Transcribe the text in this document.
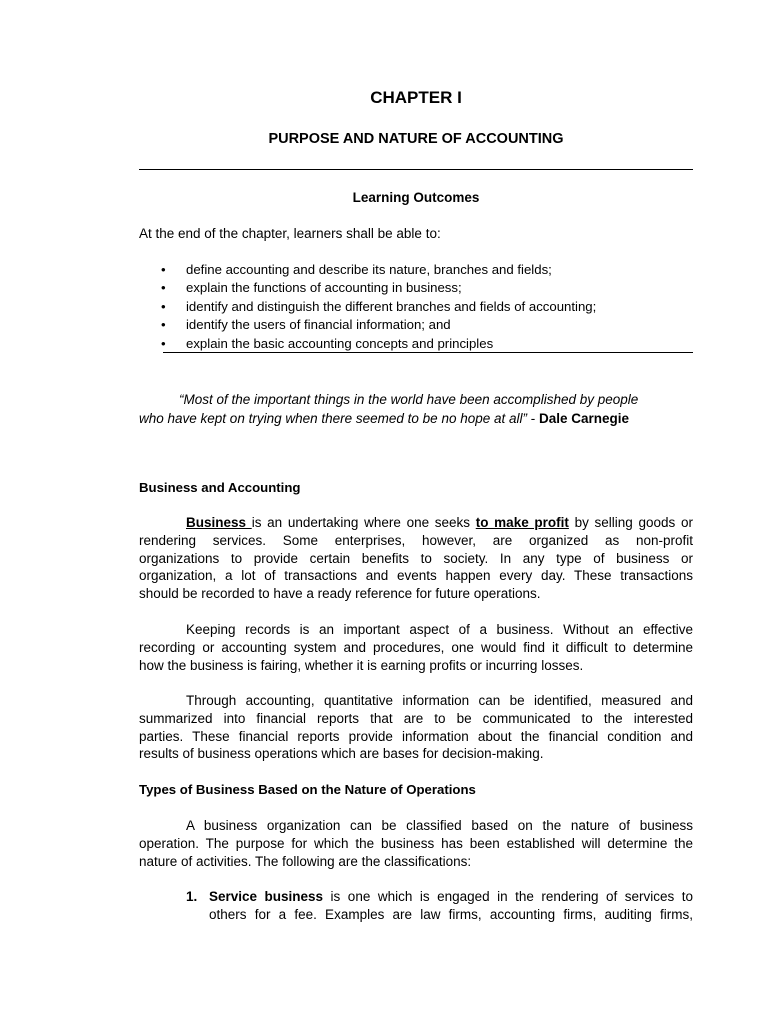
CHAPTER I
PURPOSE AND NATURE OF ACCOUNTING
Learning Outcomes

At the end of the chapter, learners shall be able to:

• define accounting and describe its nature, branches and fields;
• explain the functions of accounting in business;
• identify and distinguish the different branches and fields of accounting;
• identify the users of financial information; and
• explain the basic accounting concepts and principles

“Most of the important things in the world have been accomplished by people
who have kept on trying when there seemed to be no hope at all” - Dale Carnegie

Business and Accounting
Business is an undertaking where one seeks to make profit by selling goods or
rendering services. Some enterprises, however, are organized as non-profit
organizations to provide certain benefits to society. In any type of business or
organization, a lot of transactions and events happen every day. These transactions
should be recorded to have a ready reference for future operations.
Keeping records is an important aspect of a business. Without an effective
recording or accounting system and procedures, one would find it difficult to determine
how the business is fairing, whether it is earning profits or incurring losses.
Through accounting, quantitative information can be identified, measured and
summarized into financial reports that are to be communicated to the interested
parties. These financial reports provide information about the financial condition and
results of business operations which are bases for decision-making.
Types of Business Based on the Nature of Operations
A business organization can be classified based on the nature of business
operation. The purpose for which the business has been established will determine the
nature of activities. The following are the classifications:
1. Service business is one which is engaged in the rendering of services to
others for a fee. Examples are law firms, accounting firms, auditing firms,
